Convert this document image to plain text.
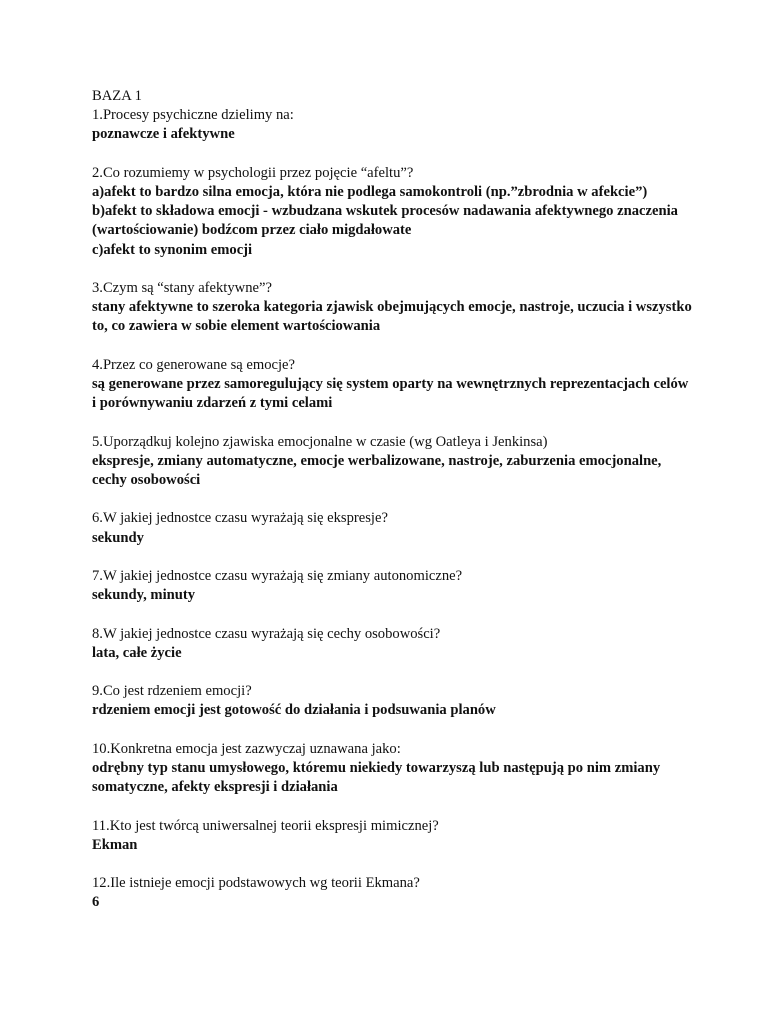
BAZA 1

1.Procesy psychiczne dzielimy na:

poznawcze i afektywne

2.Co rozumiemy w psychologii przez pojęcie “afeltu”?

a)afekt to bardzo silna emocja, która nie podlega samokontroli (np.”zbrodnia w afekcie”)

b)afekt to składowa emocji - wzbudzana wskutek procesów nadawania afektywnego znaczenia (wartościowanie) bodźcom przez ciało migdałowate

c)afekt to synonim emocji

3.Czym są “stany afektywne”?

stany afektywne to szeroka kategoria zjawisk obejmujących emocje, nastroje, uczucia i wszystko to, co zawiera w sobie element wartościowania

4.Przez co generowane są emocje?

są generowane przez samoregulujący się system oparty na wewnętrznych reprezentacjach celów i porównywaniu zdarzeń z tymi celami

5.Uporządkuj kolejno zjawiska emocjonalne w czasie (wg Oatleya i Jenkinsa)

ekspresje, zmiany automatyczne, emocje werbalizowane, nastroje, zaburzenia emocjonalne, cechy osobowości

6.W jakiej jednostce czasu wyrażają się ekspresje?

sekundy

7.W jakiej jednostce czasu wyrażają się zmiany autonomiczne?

sekundy, minuty

8.W jakiej jednostce czasu wyrażają się cechy osobowości?

lata, całe życie

9.Co jest rdzeniem emocji?

rdzeniem emocji jest gotowość do działania i podsuwania planów

10.Konkretna emocja jest zazwyczaj uznawana jako:

odrębny typ stanu umysłowego, któremu niekiedy towarzyszą lub następują po nim zmiany somatyczne, afekty ekspresji i działania

11.Kto jest twórcą uniwersalnej teorii ekspresji mimicznej?

Ekman

12.Ile istnieje emocji podstawowych wg teorii Ekmana?

6
